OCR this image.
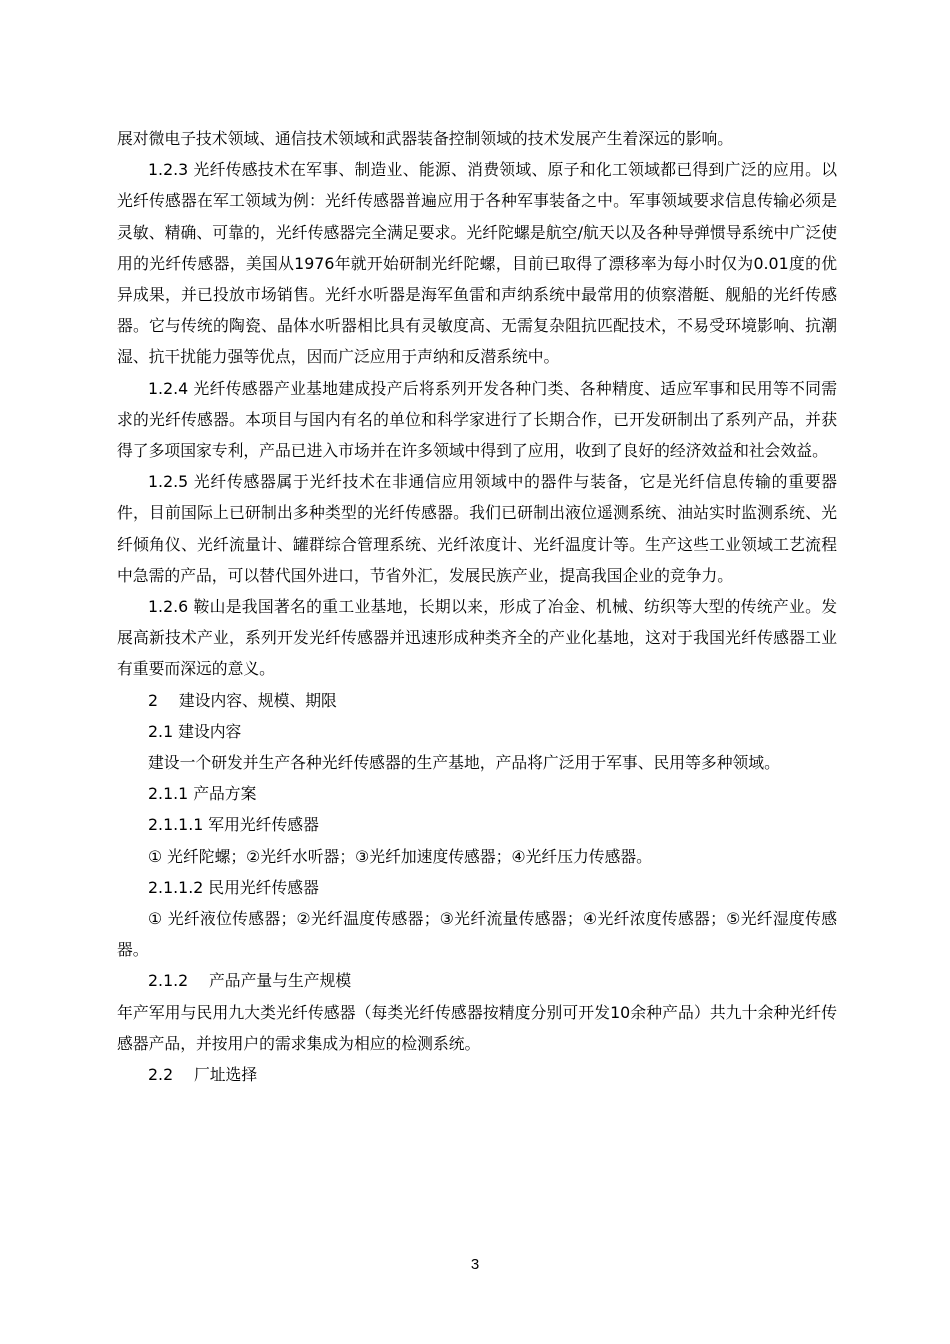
展对微电子技术领域、通信技术领域和武器装备控制领域的技术发展产生着深远的影响。

1.2.3 光纤传感技术在军事、制造业、能源、消费领域、原子和化工领域都已得到广泛的应用。以光纤传感器在军工领域为例：光纤传感器普遍应用于各种军事装备之中。军事领域要求信息传输必须是灵敏、精确、可靠的，光纤传感器完全满足要求。光纤陀螺是航空/航天以及各种导弹惯导系统中广泛使用的光纤传感器，美国从1976年就开始研制光纤陀螺，目前已取得了漂移率为每小时仅为0.01度的优异成果，并已投放市场销售。光纤水听器是海军鱼雷和声纳系统中最常用的侦察潜艇、舰船的光纤传感器。它与传统的陶瓷、晶体水听器相比具有灵敏度高、无需复杂阻抗匹配技术，不易受环境影响、抗潮湿、抗干扰能力强等优点，因而广泛应用于声纳和反潜系统中。

1.2.4 光纤传感器产业基地建成投产后将系列开发各种门类、各种精度、适应军事和民用等不同需求的光纤传感器。本项目与国内有名的单位和科学家进行了长期合作，已开发研制出了系列产品，并获得了多项国家专利，产品已进入市场并在许多领域中得到了应用，收到了良好的经济效益和社会效益。

1.2.5 光纤传感器属于光纤技术在非通信应用领域中的器件与装备，它是光纤信息传输的重要器件，目前国际上已研制出多种类型的光纤传感器。我们已研制出液位遥测系统、油站实时监测系统、光纤倾角仪、光纤流量计、罐群综合管理系统、光纤浓度计、光纤温度计等。生产这些工业领域工艺流程中急需的产品，可以替代国外进口，节省外汇，发展民族产业，提高我国企业的竞争力。

1.2.6 鞍山是我国著名的重工业基地，长期以来，形成了冶金、机械、纺织等大型的传统产业。发展高新技术产业，系列开发光纤传感器并迅速形成种类齐全的产业化基地，这对于我国光纤传感器工业有重要而深远的意义。

2　 建设内容、规模、期限

2.1 建设内容

建设一个研发并生产各种光纤传感器的生产基地，产品将广泛用于军事、民用等多种领域。

2.1.1 产品方案

2.1.1.1 军用光纤传感器

① 光纤陀螺；②光纤水听器；③光纤加速度传感器；④光纤压力传感器。

2.1.1.2 民用光纤传感器

① 光纤液位传感器；②光纤温度传感器；③光纤流量传感器；④光纤浓度传感器；⑤光纤湿度传感器。

2.1.2　 产品产量与生产规模

年产军用与民用九大类光纤传感器（每类光纤传感器按精度分别可开发10余种产品）共九十余种光纤传感器产品，并按用户的需求集成为相应的检测系统。

2.2　 厂址选择

3
